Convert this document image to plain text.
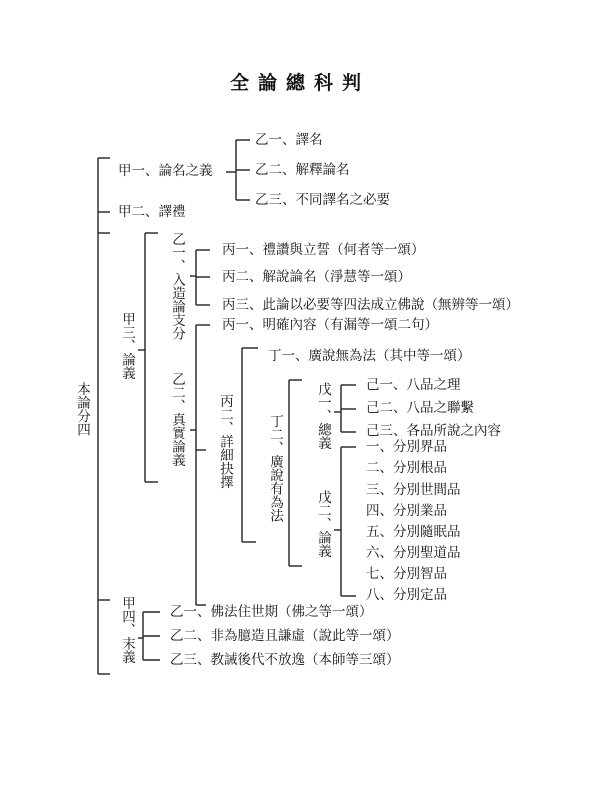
全論總科判
本論分四
甲一、論名之義
乙一、譯名
乙二、解釋論名
乙三、不同譯名之必要
甲二、譯禮
甲三、論義
乙一、入造論支分	丙一、禮讚與立誓（何者等一頌）
丙二、解說論名（淨慧等一頌）
丙三、此論以必要等四法成立佛說（無辨等一頌）
乙二、真實論義
丙一、明確內容（有漏等一頌二句）
丙二、詳細抉擇
丁一、廣說無為法（其中等一頌）
丁二、廣說有為法 戊一、總義	己一、八品之理
己二、八品之聯繫
己三、各品所說之內容
戊二、論義
一、分別界品
二、分別根品
三、分別世間品
四、分別業品
五、分別隨眠品
六、分別聖道品
七、分別智品
八、分別定品
甲四、末義	乙一、佛法住世期（佛之等一頌）
乙二、非為臆造且謙虛（說此等一頌）
乙三、教誡後代不放逸（本師等三頌）
